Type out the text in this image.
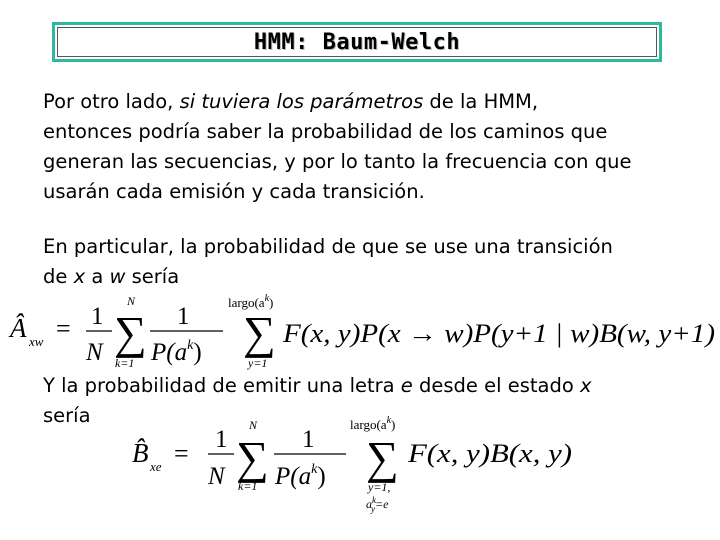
HMM: Baum-Welch
Por otro lado, si tuviera los parámetros de la HMM,
entonces podría saber la probabilidad de los caminos que
generan las secuencias, y por lo tanto la frecuencia con que
usarán cada emisión y cada transición.
En particular, la probabilidad de que se use una transición
de x a w sería
Y la probabilidad de emitir una letra e desde el estado x
sería
Â xw = 1
N
N
∑
k=1
1
$P(a^k)$
$largo(a^k)$
∑
y=1
F(x, y)P(x → w)P(y+1 | w)B(w, y+1)
B̂ xe = 1
N
N
∑
k=1
1
$P(a^k)$
$largo(a^k)$
∑
y=1,
$a^k$ y=e
F(x, y)B(x, y)
